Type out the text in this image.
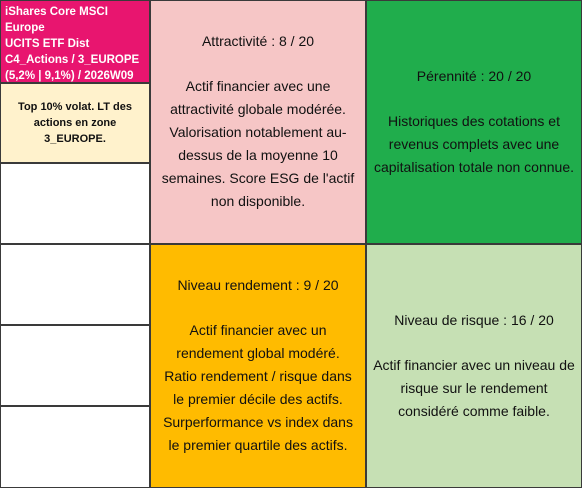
iShares Core MSCI Europe
UCITS ETF Dist
C4_Actions / 3_EUROPE
(5,2% | 9,1%) / 2026W09
Top 10% volat. LT des actions en zone 3_EUROPE.
Attractivité : 8 / 20
Actif financier avec une attractivité globale modérée. Valorisation notablement au-dessus de la moyenne 10 semaines. Score ESG de l'actif non disponible.
Pérennité : 20 / 20
Historiques des cotations et revenus complets avec une capitalisation totale non connue.
Niveau rendement : 9 / 20
Actif financier avec un rendement global modéré. Ratio rendement / risque dans le premier décile des actifs. Surperformance vs index dans le premier quartile des actifs.
Niveau de risque : 16 / 20
Actif financier avec un niveau de risque sur le rendement considéré comme faible.
